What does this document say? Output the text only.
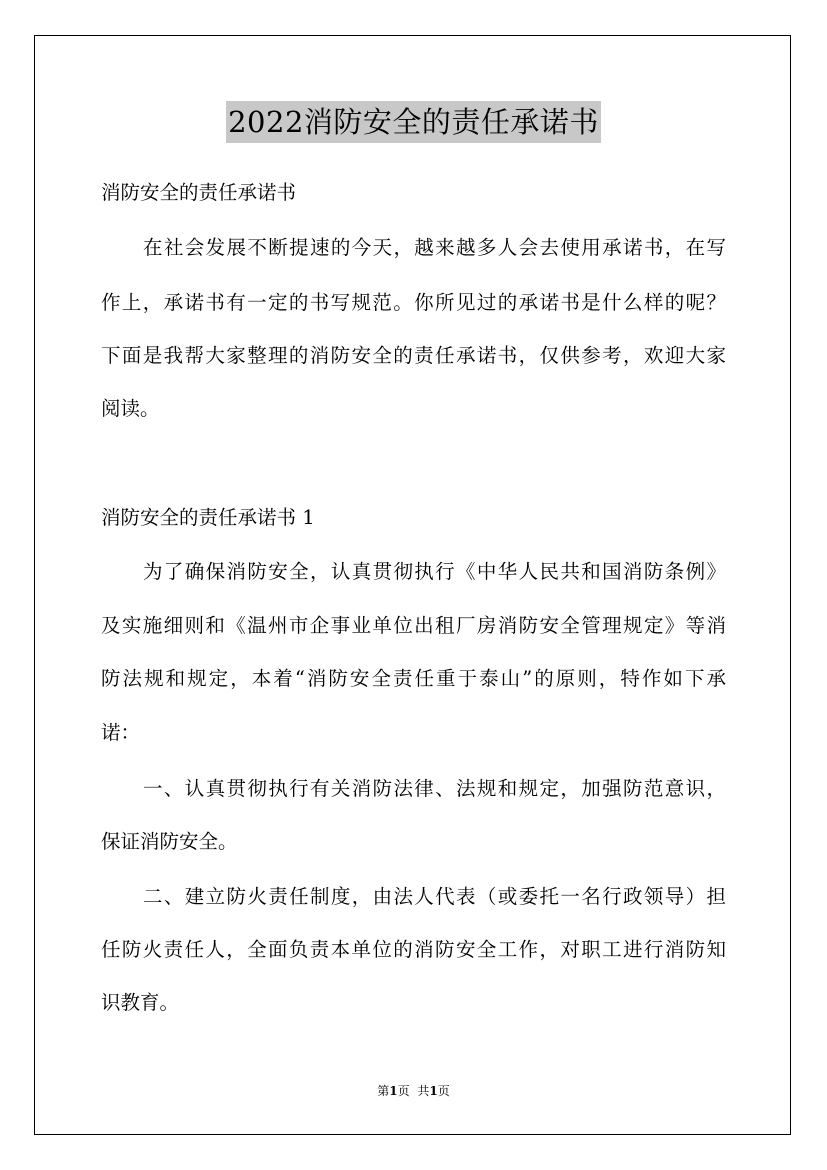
2022消防安全的责任承诺书
消防安全的责任承诺书
在社会发展不断提速的今天，越来越多人会去使用承诺书，在写
作上，承诺书有一定的书写规范。你所见过的承诺书是什么样的呢？
下面是我帮大家整理的消防安全的责任承诺书，仅供参考，欢迎大家
阅读。
消防安全的责任承诺书 1
为了确保消防安全，认真贯彻执行《中华人民共和国消防条例》
及实施细则和《温州市企事业单位出租厂房消防安全管理规定》等消
防法规和规定，本着“消防安全责任重于泰山”的原则，特作如下承
诺：
一、认真贯彻执行有关消防法律、法规和规定，加强防范意识，
保证消防安全。
二、建立防火责任制度，由法人代表（或委托一名行政领导）担
任防火责任人，全面负责本单位的消防安全工作，对职工进行消防知
识教育。
第1页 共1页
